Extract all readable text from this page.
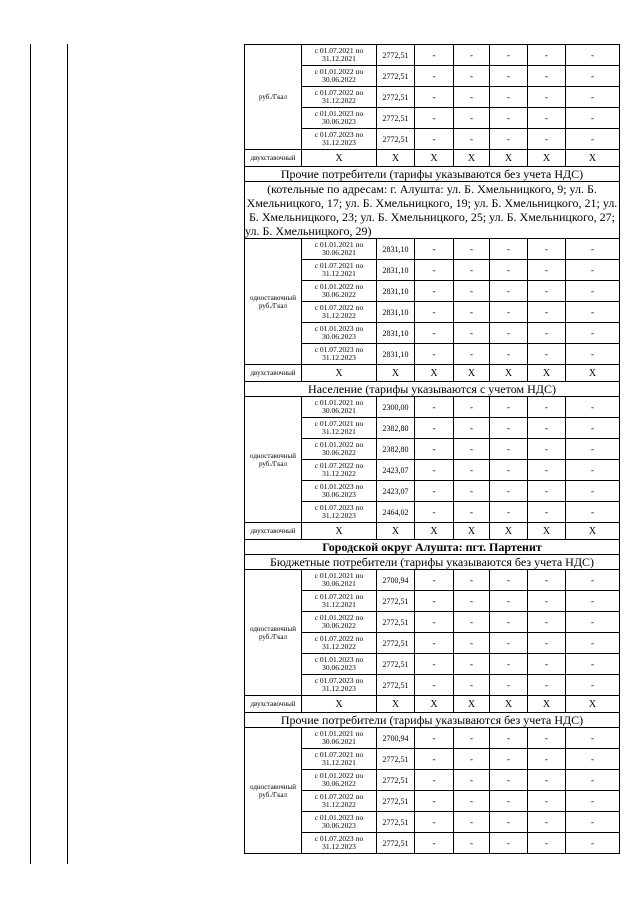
руб./Гкал	с 01.07.2021 по 31.12.2021	2772,51	-	-	-	-	-
	с 01.01.2022 по 30.06.2022	2772,51	-	-	-	-	-
	с 01.07.2022 по 31.12.2022	2772,51	-	-	-	-	-
	с 01.01.2023 по 30.06.2023	2772,51	-	-	-	-	-
	с 01.07.2023 по 31.12.2023	2772,51	-	-	-	-	-
двухставочный	Х	Х	Х	Х	Х	Х	Х
Прочие потребители (тарифы указываются без учета НДС)							
(котельные по адресам: г. Алушта: ул. Б. Хмельницкого, 9; ул. Б. Хмельницкого, 17; ул. Б. Хмельницкого, 19; ул. Б. Хмельницкого, 21; ул. Б. Хмельницкого, 23; ул. Б. Хмельницкого, 25; ул. Б. Хмельницкого, 27; ул. Б. Хмельницкого, 29)							
одноставочный руб./Гкал	с 01.01.2021 по 30.06.2021	2831,10	-	-	-	-	-
	с 01.07.2021 по 31.12.2021	2831,10	-	-	-	-	-
	с 01.01.2022 по 30.06.2022	2831,10	-	-	-	-	-
	с 01.07.2022 по 31.12.2022	2831,10	-	-	-	-	-
	с 01.01.2023 по 30.06.2023	2831,10	-	-	-	-	-
	с 01.07.2023 по 31.12.2023	2831,10	-	-	-	-	-
двухставочный	Х	Х	Х	Х	Х	Х	Х
Население (тарифы указываются с учетом НДС)							
одноставочный руб./Гкал	с 01.01.2021 по 30.06.2021	2300,00	-	-	-	-	-
	с 01.07.2021 по 31.12.2021	2382,80	-	-	-	-	-
	с 01.01.2022 по 30.06.2022	2382,80	-	-	-	-	-
	с 01.07.2022 по 31.12.2022	2423,07	-	-	-	-	-
	с 01.01.2023 по 30.06.2023	2423,07	-	-	-	-	-
	с 01.07.2023 по 31.12.2023	2464,02	-	-	-	-	-
двухставочный	Х	Х	Х	Х	Х	Х	Х
Городской округ Алушта: пгт. Партенит							
Бюджетные потребители (тарифы указываются без учета НДС)							
одноставочный руб./Гкал	с 01.01.2021 по 30.06.2021	2700,94	-	-	-	-	-
	с 01.07.2021 по 31.12.2021	2772,51	-	-	-	-	-
	с 01.01.2022 по 30.06.2022	2772,51	-	-	-	-	-
	с 01.07.2022 по 31.12.2022	2772,51	-	-	-	-	-
	с 01.01.2023 по 30.06.2023	2772,51	-	-	-	-	-
	с 01.07.2023 по 31.12.2023	2772,51	-	-	-	-	-
двухставочный	Х	Х	Х	Х	Х	Х	Х
Прочие потребители (тарифы указываются без учета НДС)							
одноставочный руб./Гкал	с 01.01.2021 по 30.06.2021	2700,94	-	-	-	-	-
	с 01.07.2021 по 31.12.2021	2772,51	-	-	-	-	-
	с 01.01.2022 по 30.06.2022	2772,51	-	-	-	-	-
	с 01.07.2022 по 31.12.2022	2772,51	-	-	-	-	-
	с 01.01.2023 по 30.06.2023	2772,51	-	-	-	-	-
	с 01.07.2023 по 31.12.2023	2772,51	-	-	-	-	-
